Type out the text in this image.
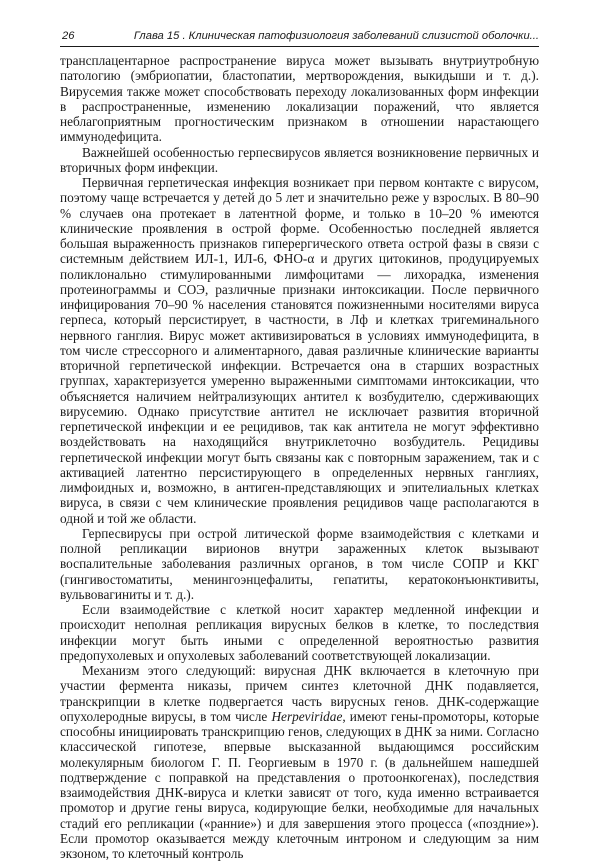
26	Глава 15 . Клиническая патофизиология заболеваний слизистой оболочки...

трансплацентарное распространение вируса может вызывать внутриутробную патологию (эмбриопатии, бластопатии, мертворождения, выкидыши и т. д.). Вирусемия также может способствовать переходу локализованных форм инфекции в распространенные, изменению локализации поражений, что является неблагоприятным прогностическим признаком в отношении нарастающего иммунодефицита.

Важнейшей особенностью герпесвирусов является возникновение первичных и вторичных форм инфекции.

Первичная герпетическая инфекция возникает при первом контакте с вирусом, поэтому чаще встречается у детей до 5 лет и значительно реже у взрослых. В 80–90 % случаев она протекает в латентной форме, и только в 10–20 % имеются клинические проявления в острой форме. Особенностью последней является большая выраженность признаков гиперергического ответа острой фазы в связи с системным действием ИЛ-1, ИЛ-6, ФНО-α и других цитокинов, продуцируемых поликлонально стимулированными лимфоцитами — лихорадка, изменения протеинограммы и СОЭ, различные признаки интоксикации. После первичного инфицирования 70–90 % населения становятся пожизненными носителями вируса герпеса, который персистирует, в частности, в Лф и клетках тригеминального нервного ганглия. Вирус может активизироваться в условиях иммунодефицита, в том числе стрессорного и алиментарного, давая различные клинические варианты вторичной герпетической инфекции. Встречается она в старших возрастных группах, характеризуется умеренно выраженными симптомами интоксикации, что объясняется наличием нейтрализующих антител к возбудителю, сдерживающих вирусемию. Однако присутствие антител не исключает развития вторичной герпетической инфекции и ее рецидивов, так как антитела не могут эффективно воздействовать на находящийся внутриклеточно возбудитель. Рецидивы герпетической инфекции могут быть связаны как с повторным заражением, так и с активацией латентно персистирующего в определенных нервных ганглиях, лимфоидных и, возможно, в антиген-представляющих и эпителиальных клетках вируса, в связи с чем клинические проявления рецидивов чаще располагаются в одной и той же области.

Герпесвирусы при острой литической форме взаимодействия с клетками и полной репликации вирионов внутри зараженных клеток вызывают воспалительные заболевания различных органов, в том числе СОПР и ККГ (гингивостоматиты, менингоэнцефалиты, гепатиты, кератоконъюнктивиты, вульвовагиниты и т. д.).

Если взаимодействие с клеткой носит характер медленной инфекции и происходит неполная репликация вирусных белков в клетке, то последствия инфекции могут быть иными с определенной вероятностью развития предопухолевых и опухолевых заболеваний соответствующей локализации.

Механизм этого следующий: вирусная ДНК включается в клеточную при участии фермента никазы, причем синтез клеточной ДНК подавляется, транскрипции в клетке подвергается часть вирусных генов. ДНК-содержащие опухолеродные вирусы, в том числе Herpeviridae, имеют гены-промоторы, которые способны инициировать транскрипцию генов, следующих в ДНК за ними. Согласно классической гипотезе, впервые высказанной выдающимся российским молекулярным биологом Г. П. Георгиевым в 1970 г. (в дальнейшем нашедшей подтверждение с поправкой на представления о протоонкогенах), последствия взаимодействия ДНК-вируса и клетки зависят от того, куда именно встраивается промотор и другие гены вируса, кодирующие белки, необходимые для начальных стадий его репликации («ранние») и для завершения этого процесса («поздние»). Если промотор оказывается между клеточным интроном и следующим за ним экзоном, то клеточный контроль
